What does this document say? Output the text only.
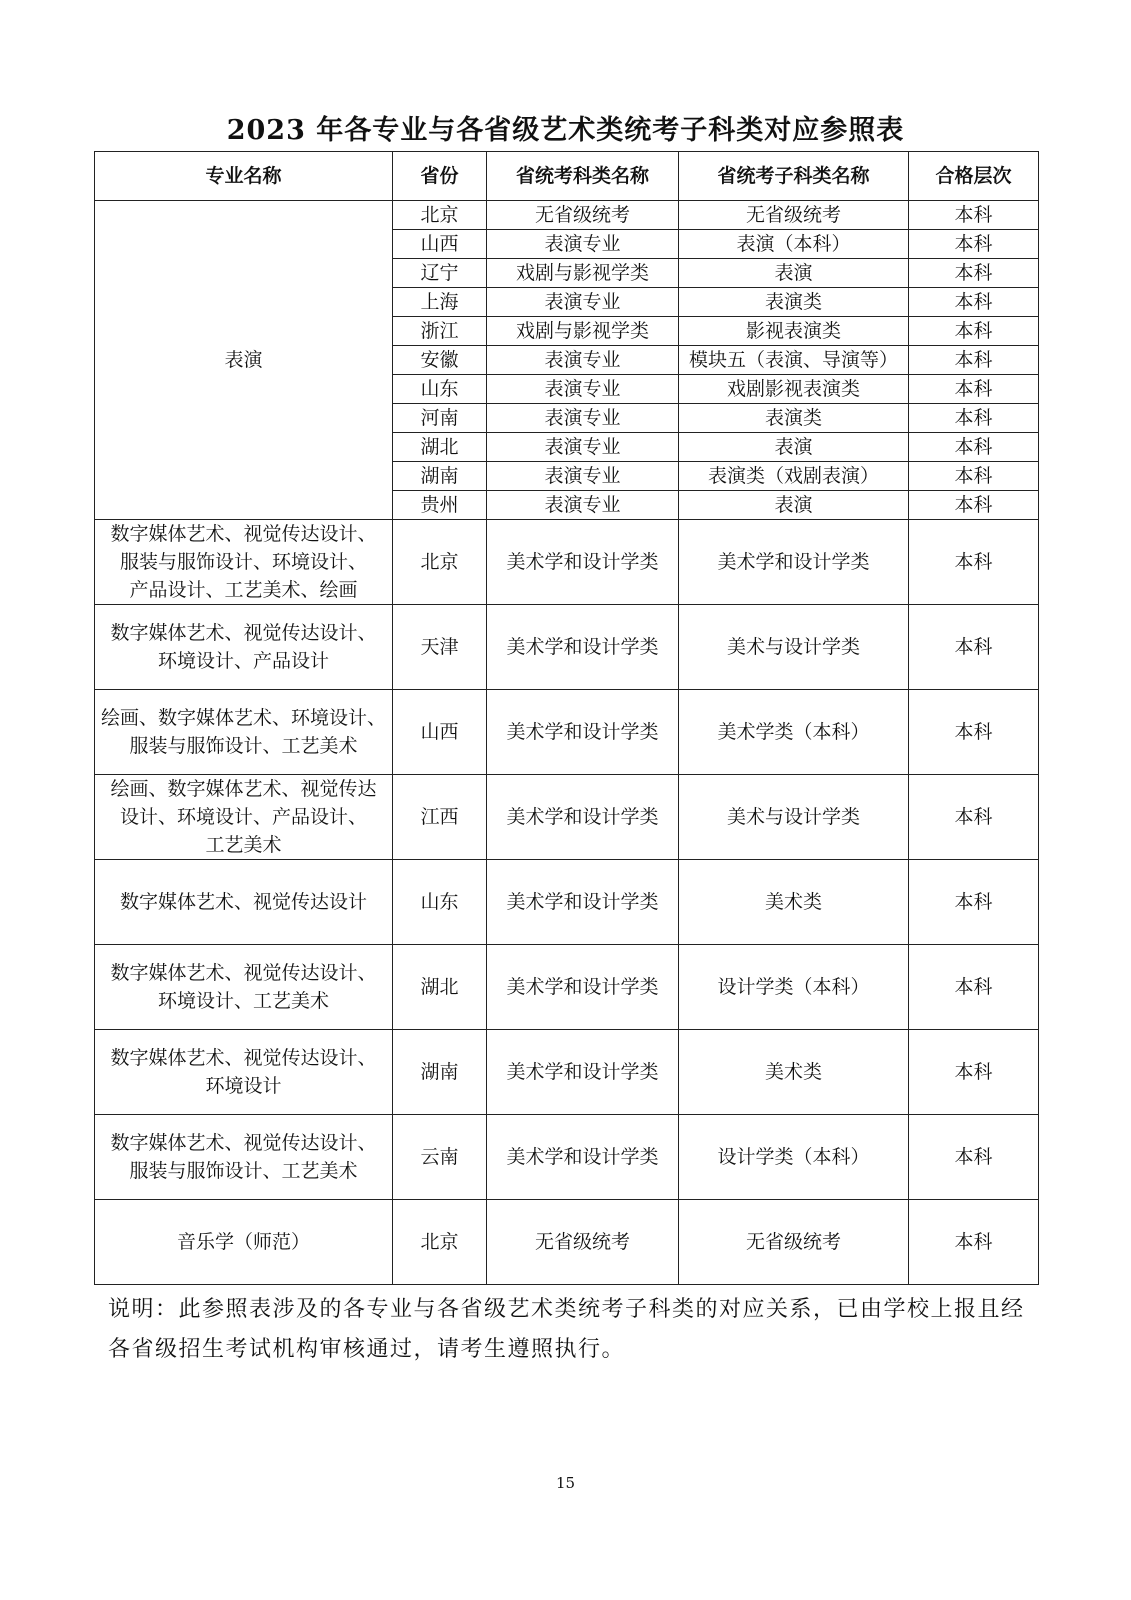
2023 年各专业与各省级艺术类统考子科类对应参照表
专业名称	省份	省统考科类名称	省统考子科类名称	合格层次
表演	北京	无省级统考	无省级统考	本科
	山西	表演专业	表演（本科）	本科
	辽宁	戏剧与影视学类	表演	本科
	上海	表演专业	表演类	本科
	浙江	戏剧与影视学类	影视表演类	本科
	安徽	表演专业	模块五（表演、导演等）	本科
	山东	表演专业	戏剧影视表演类	本科
	河南	表演专业	表演类	本科
	湖北	表演专业	表演	本科
	湖南	表演专业	表演类（戏剧表演）	本科
	贵州	表演专业	表演	本科

数字媒体艺术、视觉传达设计、
服装与服饰设计、环境设计、
产品设计、工艺美术、绘画	北京	美术学和设计学类	美术学和设计学类	本科

数字媒体艺术、视觉传达设计、
环境设计、产品设计	天津	美术学和设计学类	美术与设计学类	本科

绘画、数字媒体艺术、环境设计、
服装与服饰设计、工艺美术	山西	美术学和设计学类	美术学类（本科）	本科

绘画、数字媒体艺术、视觉传达
设计、环境设计、产品设计、
工艺美术	江西	美术学和设计学类	美术与设计学类	本科

数字媒体艺术、视觉传达设计	山东	美术学和设计学类	美术类	本科

数字媒体艺术、视觉传达设计、
环境设计、工艺美术	湖北	美术学和设计学类	设计学类（本科）	本科

数字媒体艺术、视觉传达设计、
环境设计	湖南	美术学和设计学类	美术类	本科

数字媒体艺术、视觉传达设计、
服装与服饰设计、工艺美术	云南	美术学和设计学类	设计学类（本科）	本科

音乐学（师范）	北京	无省级统考	无省级统考	本科
说明：此参照表涉及的各专业与各省级艺术类统考子科类的对应关系，已由学校上报且经各省级招生考试机构审核通过，请考生遵照执行。
15
